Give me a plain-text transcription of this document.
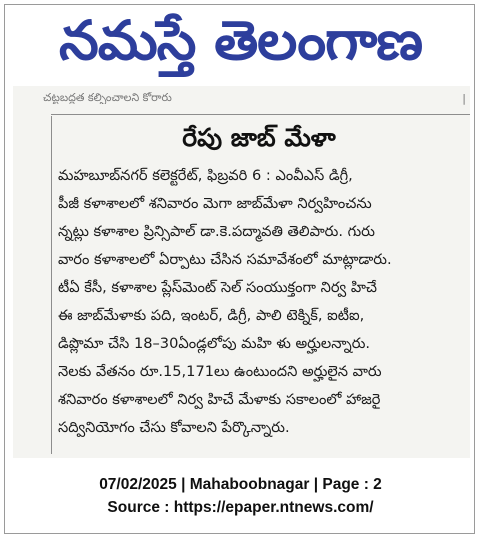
నమస్తే తెలంగాణ
చట్టబద్ధత కల్పించాలని కోరారు	|
రేపు జాబ్ మేళా
మహబూబ్‌నగర్ కలెక్టరేట్, ఫిబ్రవరి 6 : ఎంవీఎస్ డిగ్రీ,
పీజీ కళాశాలలో శనివారం మెగా జాబ్‌మేళా నిర్వహించను
న్నట్లు కళాశాల ప్రిన్సిపాల్ డా.కె.పద్మావతి తెలిపారు. గురు
వారం కళాశాలలో ఏర్పాటు చేసిన సమావేశంలో మాట్లాడారు.
టీఏ కేసీ, కళాశాల ప్లేస్‌మెంట్ సెల్ సంయుక్తంగా నిర్వ హిచే
ఈ జాబ్‌మేళాకు పది, ఇంటర్, డిగ్రీ, పాలి టెక్నిక్, ఐటీఐ,
డిప్లొమా చేసి 18–30ఏండ్లలోపు మహి ళు అర్హులన్నారు.
నెలకు వేతనం రూ.15,171లు ఉంటుందని అర్హులైన వారు
శనివారం కళాశాలలో నిర్వ హిచే మేళాకు సకాలంలో హాజరై
సద్వినియోగం చేసు కోవాలని పేర్కొన్నారు.
07/02/2025 | Mahaboobnagar | Page : 2
Source : https://epaper.ntnews.com/
